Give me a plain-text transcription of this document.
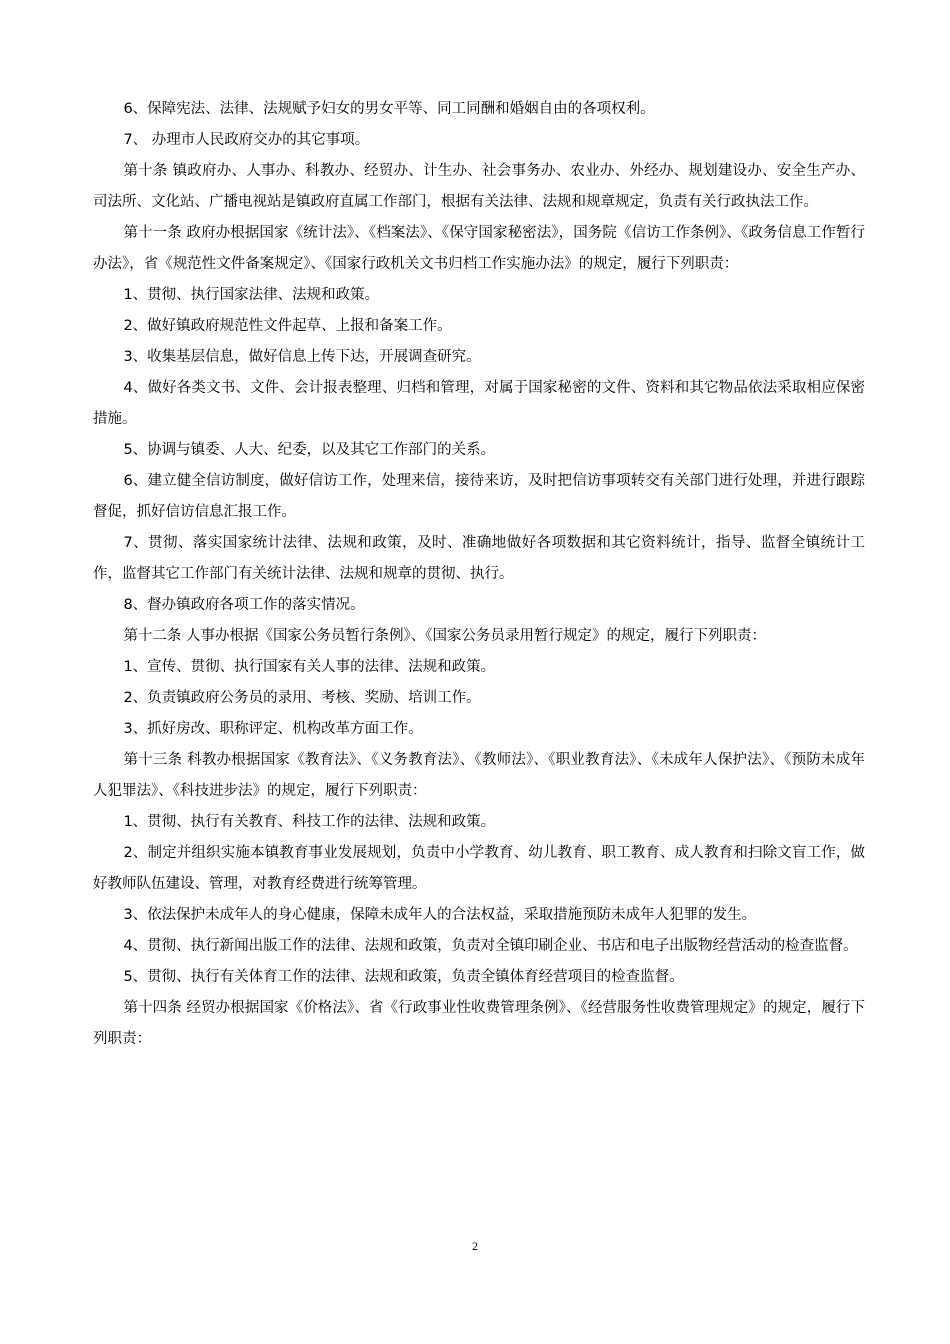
6、保障宪法、法律、法规赋予妇女的男女平等、同工同酬和婚姻自由的各项权利。

7、 办理市人民政府交办的其它事项。

第十条 镇政府办、人事办、科教办、经贸办、计生办、社会事务办、农业办、外经办、规划建设办、安全生产办、司法所、文化站、广播电视站是镇政府直属工作部门，根据有关法律、法规和规章规定，负责有关行政执法工作。

第十一条 政府办根据国家《统计法》、《档案法》、《保守国家秘密法》，国务院《信访工作条例》、《政务信息工作暂行办法》，省《规范性文件备案规定》、《国家行政机关文书归档工作实施办法》的规定，履行下列职责：

1、贯彻、执行国家法律、法规和政策。

2、做好镇政府规范性文件起草、上报和备案工作。

3、收集基层信息，做好信息上传下达，开展调查研究。

4、做好各类文书、文件、会计报表整理、归档和管理，对属于国家秘密的文件、资料和其它物品依法采取相应保密措施。

5、协调与镇委、人大、纪委，以及其它工作部门的关系。

6、建立健全信访制度，做好信访工作，处理来信，接待来访，及时把信访事项转交有关部门进行处理，并进行跟踪督促，抓好信访信息汇报工作。

7、贯彻、落实国家统计法律、法规和政策，及时、准确地做好各项数据和其它资料统计，指导、监督全镇统计工作，监督其它工作部门有关统计法律、法规和规章的贯彻、执行。

8、督办镇政府各项工作的落实情况。

第十二条 人事办根据《国家公务员暂行条例》、《国家公务员录用暂行规定》的规定，履行下列职责：

1、宣传、贯彻、执行国家有关人事的法律、法规和政策。

2、负责镇政府公务员的录用、考核、奖励、培训工作。

3、抓好房改、职称评定、机构改革方面工作。

第十三条 科教办根据国家《教育法》、《义务教育法》、《教师法》、《职业教育法》、《未成年人保护法》、《预防未成年人犯罪法》、《科技进步法》的规定，履行下列职责：

1、贯彻、执行有关教育、科技工作的法律、法规和政策。

2、制定并组织实施本镇教育事业发展规划，负责中小学教育、幼儿教育、职工教育、成人教育和扫除文盲工作，做好教师队伍建设、管理，对教育经费进行统筹管理。

3、依法保护未成年人的身心健康，保障未成年人的合法权益，采取措施预防未成年人犯罪的发生。

4、贯彻、执行新闻出版工作的法律、法规和政策，负责对全镇印刷企业、书店和电子出版物经营活动的检查监督。

5、贯彻、执行有关体育工作的法律、法规和政策，负责全镇体育经营项目的检查监督。

第十四条 经贸办根据国家《价格法》、省《行政事业性收费管理条例》、《经营服务性收费管理规定》的规定，履行下列职责：

2
